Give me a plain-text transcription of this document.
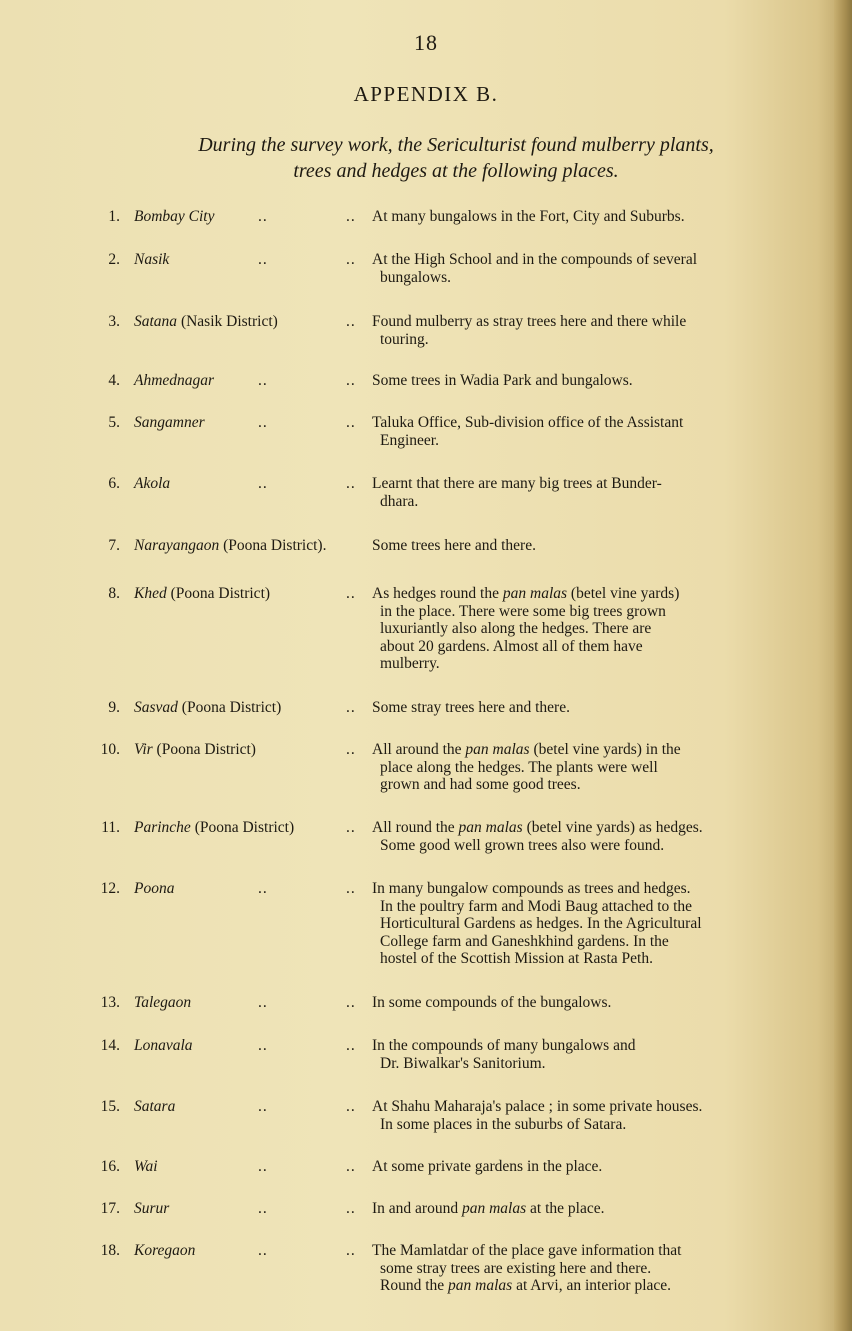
18
APPENDIX B.
During the survey work, the Sericulturist found mulberry plants,
trees and hedges at the following places.
1. Bombay City	..	.. At many bungalows in the Fort, City and Suburbs.
2. Nasik	..	.. At the High School and in the compounds of several
bungalows.
3. Satana (Nasik District)	.. Found mulberry as stray trees here and there while
touring.
4. Ahmednagar	..	.. Some trees in Wadia Park and bungalows.
5. Sangamner	..	.. Taluka Office, Sub-division office of the Assistant
Engineer.
6. Akola	..	.. Learnt that there are many big trees at Bunder-
dhara.
7. Narayangaon (Poona District).	Some trees here and there.
8. Khed (Poona District)	.. As hedges round the pan malas (betel vine yards)
in the place. There were some big trees grown
luxuriantly also along the hedges. There are
about 20 gardens. Almost all of them have
mulberry.
9. Sasvad (Poona District)	.. Some stray trees here and there.
10. Vir (Poona District)	.. All around the pan malas (betel vine yards) in the
place along the hedges. The plants were well
grown and had some good trees.
11. Parinche (Poona District)	.. All round the pan malas (betel vine yards) as hedges.
Some good well grown trees also were found.
12. Poona	..	.. In many bungalow compounds as trees and hedges.
In the poultry farm and Modi Baug attached to the
Horticultural Gardens as hedges. In the Agricultural
College farm and Ganeshkhind gardens. In the
hostel of the Scottish Mission at Rasta Peth.
13. Talegaon	..	.. In some compounds of the bungalows.
14. Lonavala	..	.. In the compounds of many bungalows and
Dr. Biwalkar's Sanitorium.
15. Satara	..	.. At Shahu Maharaja's palace ; in some private houses.
In some places in the suburbs of Satara.
16. Wai	..	.. At some private gardens in the place.
17. Surur	..	.. In and around pan malas at the place.
18. Koregaon	..	.. The Mamlatdar of the place gave information that
some stray trees are existing here and there.
Round the pan malas at Arvi, an interior place.
